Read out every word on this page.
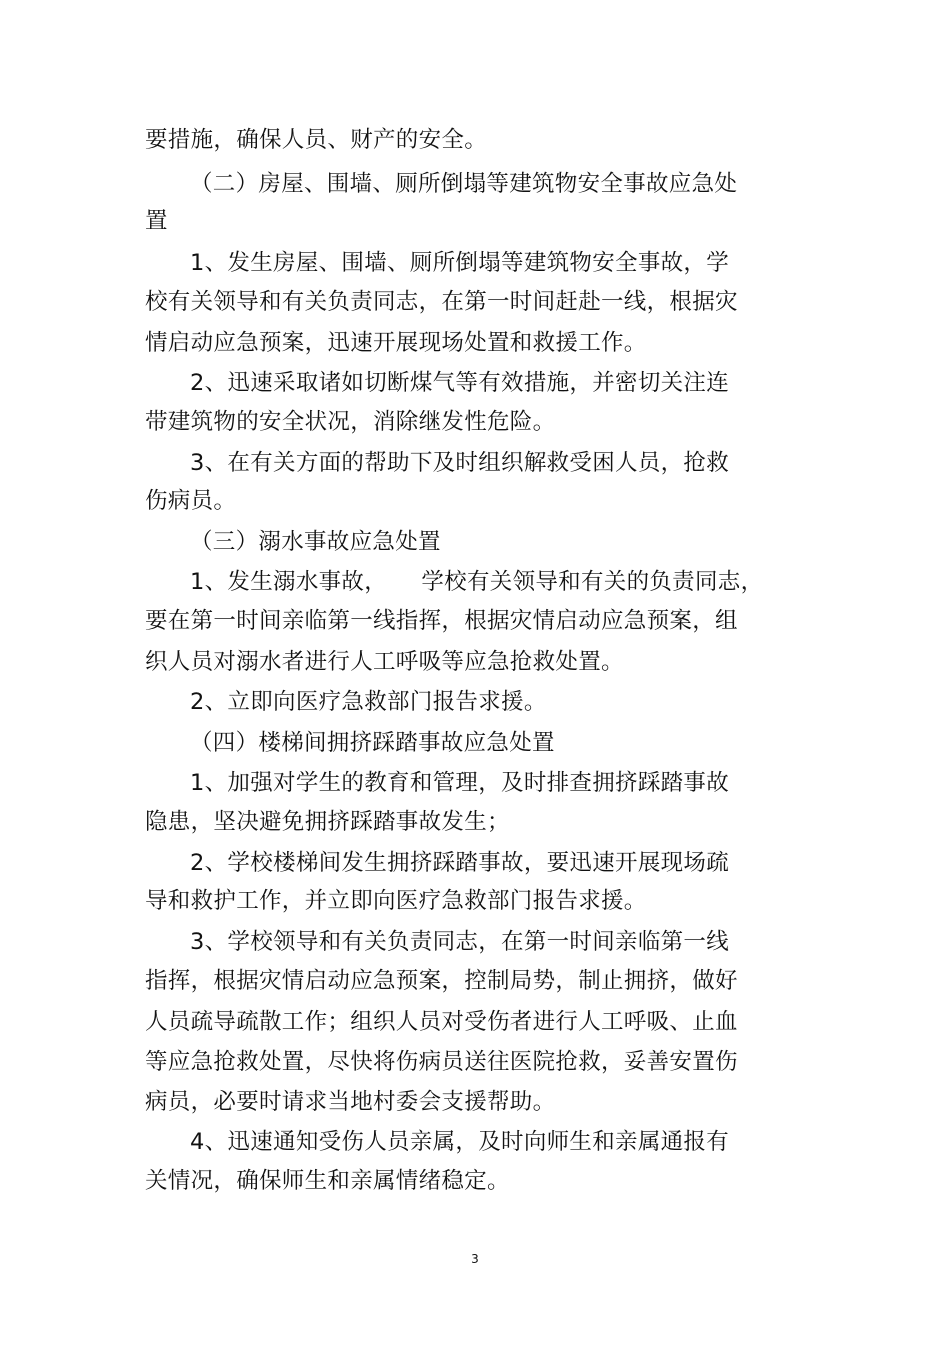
要措施，确保人员、财产的安全。
（二）房屋、围墙、厕所倒塌等建筑物安全事故应急处
置
1、发生房屋、围墙、厕所倒塌等建筑物安全事故，学
校有关领导和有关负责同志，在第一时间赶赴一线，根据灾
情启动应急预案，迅速开展现场处置和救援工作。
2、迅速采取诸如切断煤气等有效措施，并密切关注连
带建筑物的安全状况，消除继发性危险。
3、在有关方面的帮助下及时组织解救受困人员，抢救
伤病员。
（三）溺水事故应急处置
1、发生溺水事故，　　学校有关领导和有关的负责同志，
要在第一时间亲临第一线指挥，根据灾情启动应急预案，组
织人员对溺水者进行人工呼吸等应急抢救处置。
2、立即向医疗急救部门报告求援。
（四）楼梯间拥挤踩踏事故应急处置
1、加强对学生的教育和管理，及时排查拥挤踩踏事故
隐患，坚决避免拥挤踩踏事故发生；
2、学校楼梯间发生拥挤踩踏事故，要迅速开展现场疏
导和救护工作，并立即向医疗急救部门报告求援。
3、学校领导和有关负责同志，在第一时间亲临第一线
指挥，根据灾情启动应急预案，控制局势，制止拥挤，做好
人员疏导疏散工作；组织人员对受伤者进行人工呼吸、止血
等应急抢救处置，尽快将伤病员送往医院抢救，妥善安置伤
病员，必要时请求当地村委会支援帮助。
4、迅速通知受伤人员亲属，及时向师生和亲属通报有
关情况，确保师生和亲属情绪稳定。
3
